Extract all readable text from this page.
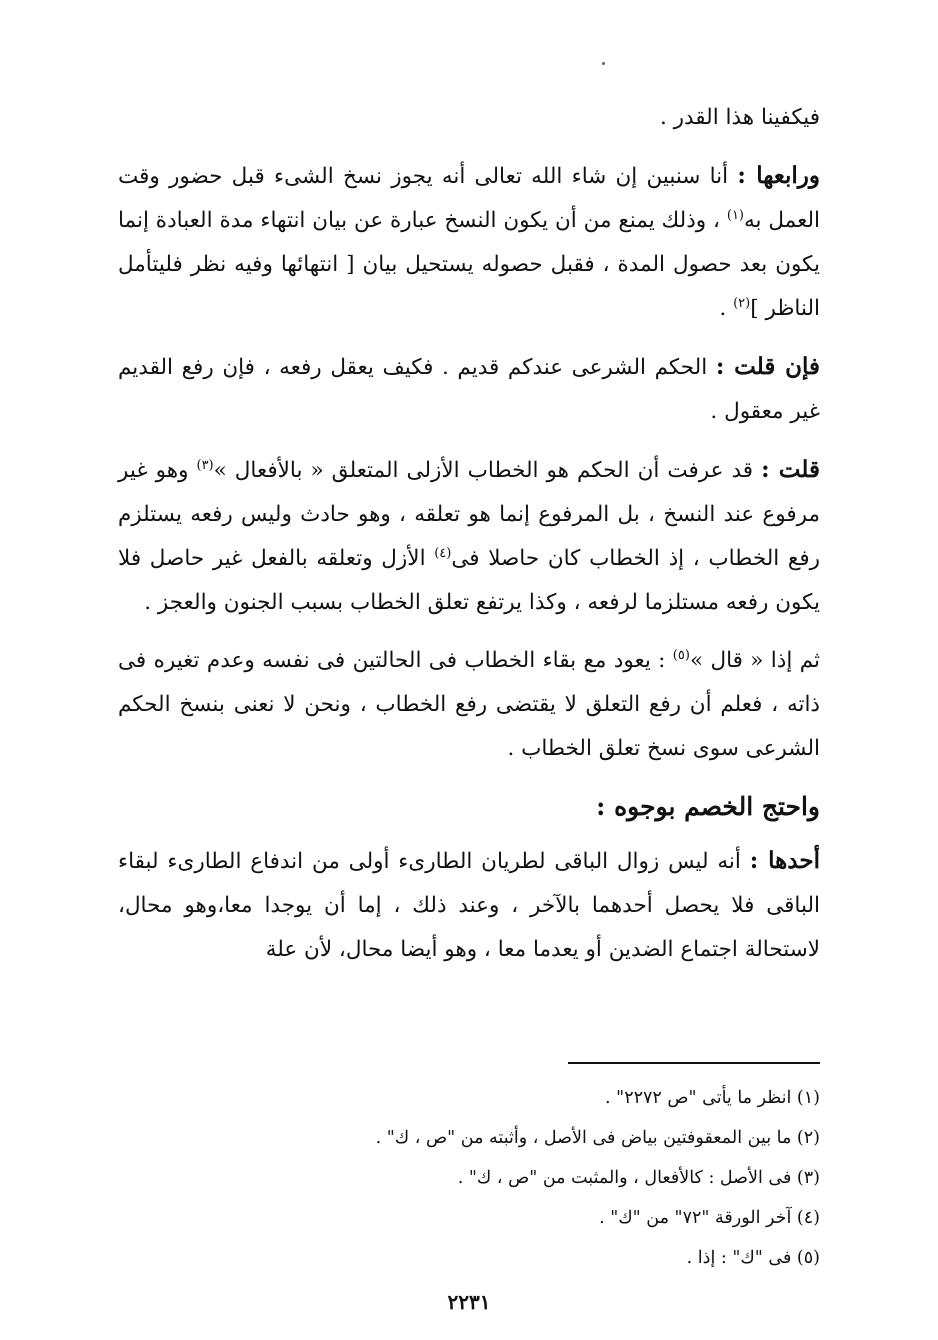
فيكفينا هذا القدر .

ورابعها : أنا سنبين إن شاء الله تعالى أنه يجوز نسخ الشىء قبل حضور وقت العمل به$^{(١)}$ ، وذلك يمنع من أن يكون النسخ عبارة عن بيان انتهاء مدة العبادة إنما يكون بعد حصول المدة ، فقبل حصوله يستحيل بيان [ انتهائها وفيه نظر فليتأمل الناظر ]$^{(٢)}$ .

فإن قلت : الحكم الشرعى عندكم قديم . فكيف يعقل رفعه ، فإن رفع القديم غير معقول .

قلت : قد عرفت أن الحكم هو الخطاب الأزلى المتعلق « بالأفعال »$^{(٣)}$ وهو غير مرفوع عند النسخ ، بل المرفوع إنما هو تعلقه ، وهو حادث وليس رفعه يستلزم رفع الخطاب ، إذ الخطاب كان حاصلا فى$^{(٤)}$ الأزل وتعلقه بالفعل غير حاصل فلا يكون رفعه مستلزما لرفعه ، وكذا يرتفع تعلق الخطاب بسبب الجنون والعجز .

ثم إذا « قال »$^{(٥)}$ : يعود مع بقاء الخطاب فى الحالتين فى نفسه وعدم تغيره فى ذاته ، فعلم أن رفع التعلق لا يقتضى رفع الخطاب ، ونحن لا نعنى بنسخ الحكم الشرعى سوى نسخ تعلق الخطاب .

واحتج الخصم بوجوه :

أحدها : أنه ليس زوال الباقى لطريان الطارىء أولى من اندفاع الطارىء لبقاء الباقى فلا يحصل أحدهما بالآخر ، وعند ذلك ، إما أن يوجدا معا،وهو محال، لاستحالة اجتماع الضدين أو يعدما معا ، وهو أيضا محال، لأن علة

(١) انظر ما يأتى "ص ٢٢٧٢" .
(٢) ما بين المعقوفتين بياض فى الأصل ، وأثبته من "ص ، ك" .
(٣) فى الأصل : كالأفعال ، والمثبت من "ص ، ك" .
(٤) آخر الورقة "٧٢" من "ك" .
(٥) فى "ك" : إذا .
٢٢٣١
